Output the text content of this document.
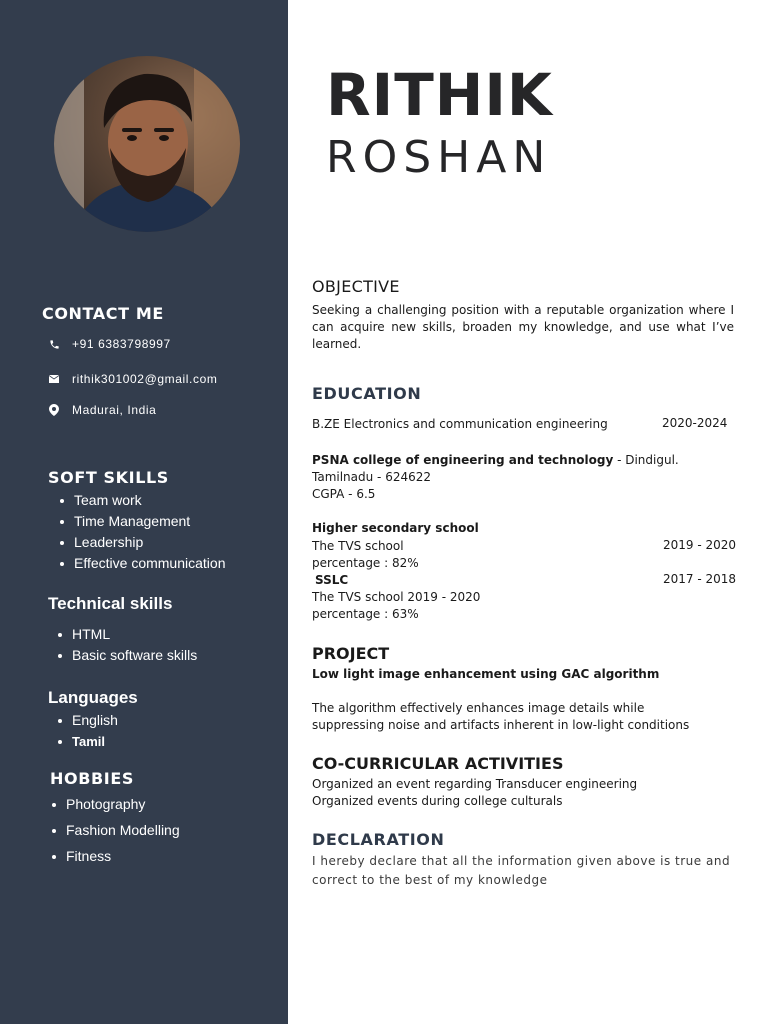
CONTACT ME
+91 6383798997
rithik301002@gmail.com
Madurai, India
SOFT SKILLS
Team work
Time Management
Leadership
Effective communication
Technical skills
HTML
Basic software skills
Languages
English
Tamil
HOBBIES
Photography
Fashion Modelling
Fitness
RITHIK
ROSHAN
OBJECTIVE
Seeking a challenging position with a reputable organization where I can acquire new skills, broaden my knowledge, and use what I’ve learned.
EDUCATION
B.ZE Electronics and communication engineering	2020-2024
PSNA college of engineering and technology - Dindigul.
Tamilnadu - 624622
CGPA - 6.5
Higher secondary school
The TVS school	2019 - 2020
percentage : 82%
SSLC	2017 - 2018
The TVS school 2019 - 2020
percentage : 63%
PROJECT
Low light image enhancement using GAC algorithm
The algorithm effectively enhances image details while
suppressing noise and artifacts inherent in low-light conditions
CO-CURRICULAR ACTIVITIES
Organized an event regarding Transducer engineering
Organized events during college culturals
DECLARATION
I hereby declare that all the information given above is true and correct to the best of my knowledge
